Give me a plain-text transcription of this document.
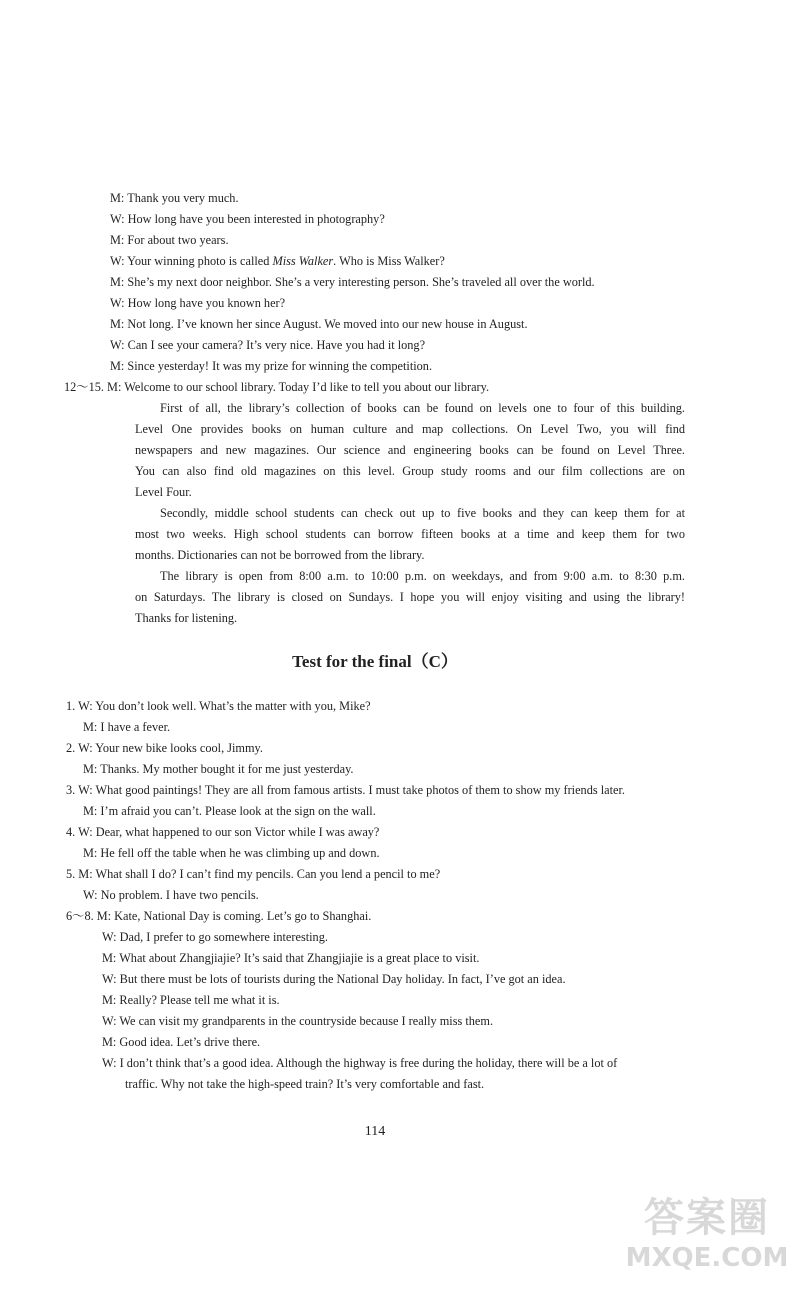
M: Thank you very much.
W: How long have you been interested in photography?
M: For about two years.
W: Your winning photo is called Miss Walker. Who is Miss Walker?
M: She’s my next door neighbor. She’s a very interesting person. She’s traveled all over the world.
W: How long have you known her?
M: Not long. I’ve known her since August. We moved into our new house in August.
W: Can I see your camera? It’s very nice. Have you had it long?
M: Since yesterday! It was my prize for winning the competition.
12～15. M: Welcome to our school library. Today I’d like to tell you about our library.
First of all, the library’s collection of books can be found on levels one to four of this building.
Level One provides books on human culture and map collections. On Level Two, you will find
newspapers and new magazines. Our science and engineering books can be found on Level Three.
You can also find old magazines on this level. Group study rooms and our film collections are on
Level Four.
Secondly, middle school students can check out up to five books and they can keep them for at
most two weeks. High school students can borrow fifteen books at a time and keep them for two
months. Dictionaries can not be borrowed from the library.
The library is open from 8:00 a.m. to 10:00 p.m. on weekdays, and from 9:00 a.m. to 8:30 p.m.
on Saturdays. The library is closed on Sundays. I hope you will enjoy visiting and using the library!
Thanks for listening.
Test for the final（C）
1. W: You don’t look well. What’s the matter with you, Mike?
M: I have a fever.
2. W: Your new bike looks cool, Jimmy.
M: Thanks. My mother bought it for me just yesterday.
3. W: What good paintings! They are all from famous artists. I must take photos of them to show my friends later.
M: I’m afraid you can’t. Please look at the sign on the wall.
4. W: Dear, what happened to our son Victor while I was away?
M: He fell off the table when he was climbing up and down.
5. M: What shall I do? I can’t find my pencils. Can you lend a pencil to me?
W: No problem. I have two pencils.
6～8. M: Kate, National Day is coming. Let’s go to Shanghai.
W: Dad, I prefer to go somewhere interesting.
M: What about Zhangjiajie? It’s said that Zhangjiajie is a great place to visit.
W: But there must be lots of tourists during the National Day holiday. In fact, I’ve got an idea.
M: Really? Please tell me what it is.
W: We can visit my grandparents in the countryside because I really miss them.
M: Good idea. Let’s drive there.
W: I don’t think that’s a good idea. Although the highway is free during the holiday, there will be a lot of
traffic. Why not take the high-speed train? It’s very comfortable and fast.
114
答案圈
MXQE.COM
